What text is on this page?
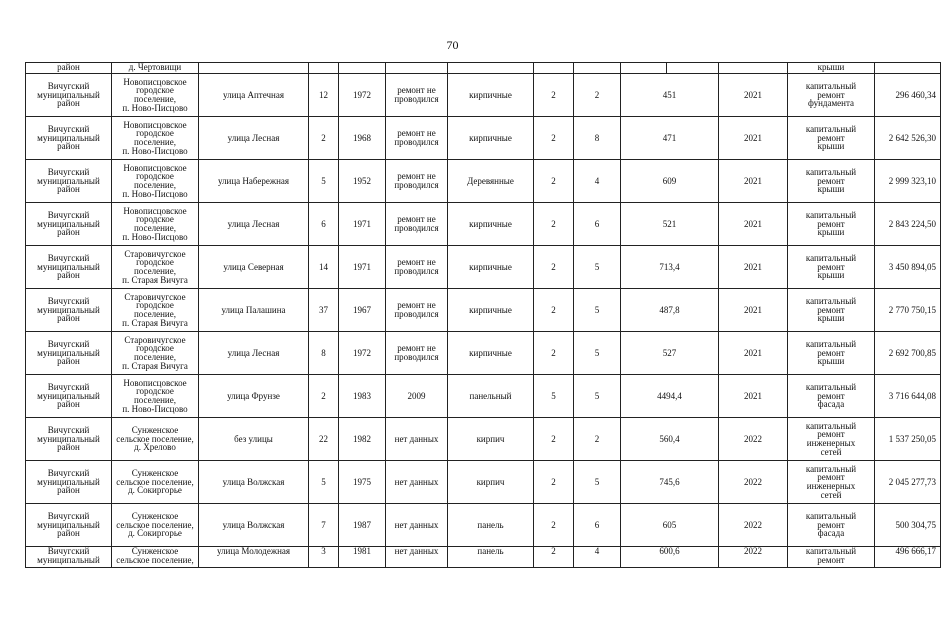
70
район	д. Чертовищи											крыши	

Вичугский
муниципальный
район	Новописцовское
городское
поселение,
п. Ново-Писцово	улица Аптечная	12	1972	ремонт не
проводился	кирпичные	2	2	451		2021	капитальный
ремонт
фундамента	296 460,34

Вичугский
муниципальный
район	Новописцовское
городское
поселение,
п. Ново-Писцово	улица Лесная	2	1968	ремонт не
проводился	кирпичные	2	8	471		2021	капитальный
ремонт
крыши	2 642 526,30

Вичугский
муниципальный
район	Новописцовское
городское
поселение,
п. Ново-Писцово	улица Набережная	5	1952	ремонт не
проводился	Деревянные	2	4	609		2021	капитальный
ремонт
крыши	2 999 323,10

Вичугский
муниципальный
район	Новописцовское
городское
поселение,
п. Ново-Писцово	улица Лесная	6	1971	ремонт не
проводился	кирпичные	2	6	521		2021	капитальный
ремонт
крыши	2 843 224,50

Вичугский
муниципальный
район	Старовичугское
городское
поселение,
п. Старая Вичуга	улица Северная	14	1971	ремонт не
проводился	кирпичные	2	5	713,4		2021	капитальный
ремонт
крыши	3 450 894,05

Вичугский
муниципальный
район	Старовичугское
городское
поселение,
п. Старая Вичуга	улица Палашина	37	1967	ремонт не
проводился	кирпичные	2	5	487,8		2021	капитальный
ремонт
крыши	2 770 750,15

Вичугский
муниципальный
район	Старовичугское
городское
поселение,
п. Старая Вичуга	улица Лесная	8	1972	ремонт не
проводился	кирпичные	2	5	527		2021	капитальный
ремонт
крыши	2 692 700,85

Вичугский
муниципальный
район	Новописцовское
городское
поселение,
п. Ново-Писцово	улица Фрунзе	2	1983	2009	панельный	5	5	4494,4		2021	капитальный
ремонт
фасада	3 716 644,08

Вичугский
муниципальный
район	Сунженское
сельское поселение,
д. Хрелово	без улицы	22	1982	нет данных	кирпич	2	2	560,4		2022	капитальный
ремонт
инженерных
сетей	1 537 250,05

Вичугский
муниципальный
район	Сунженское
сельское поселение,
д. Сокиргорье	улица Волжская	5	1975	нет данных	кирпич	2	5	745,6		2022	капитальный
ремонт
инженерных
сетей	2 045 277,73

Вичугский
муниципальный
район	Сунженское
сельское поселение,
д. Сокиргорье	улица Волжская	7	1987	нет данных	панель	2	6	605		2022	капитальный
ремонт
фасада	500 304,75

Вичугский
муниципальный	Сунженское
сельское поселение,	улица Молодежная	3	1981	нет данных	панель	2	4	600,6		2022	капитальный
ремонт	496 666,17
